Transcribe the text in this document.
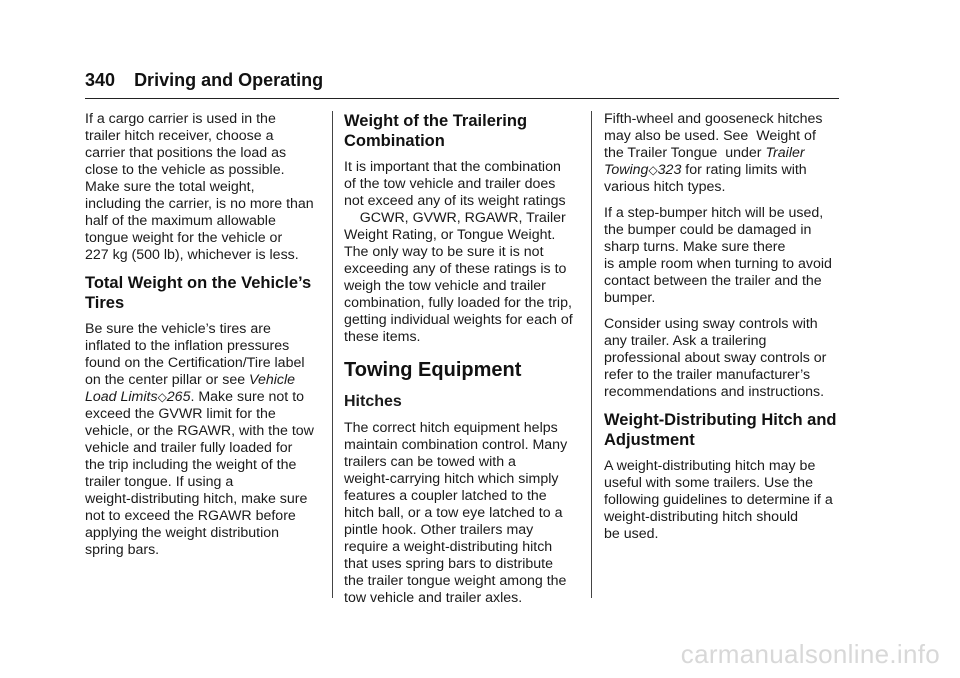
340 Driving and Operating

If a cargo carrier is used in the
trailer hitch receiver, choose a
carrier that positions the load as
close to the vehicle as possible.
Make sure the total weight,
including the carrier, is no more than
half of the maximum allowable
tongue weight for the vehicle or
227 kg (500 lb), whichever is less.

Total Weight on the Vehicle’s
Tires

Be sure the vehicle’s tires are
inflated to the inflation pressures
found on the Certification/Tire label
on the center pillar or see Vehicle
Load Limits◇265. Make sure not to
exceed the GVWR limit for the
vehicle, or the RGAWR, with the tow
vehicle and trailer fully loaded for
the trip including the weight of the
trailer tongue. If using a
weight-distributing hitch, make sure
not to exceed the RGAWR before
applying the weight distribution
spring bars.

Weight of the Trailering
Combination

It is important that the combination
of the tow vehicle and trailer does
not exceed any of its weight ratings
GCWR, GVWR, RGAWR, Trailer
Weight Rating, or Tongue Weight.
The only way to be sure it is not
exceeding any of these ratings is to
weigh the tow vehicle and trailer
combination, fully loaded for the trip,
getting individual weights for each of
these items.

Towing Equipment
Hitches

The correct hitch equipment helps
maintain combination control. Many
trailers can be towed with a
weight-carrying hitch which simply
features a coupler latched to the
hitch ball, or a tow eye latched to a
pintle hook. Other trailers may
require a weight-distributing hitch
that uses spring bars to distribute
the trailer tongue weight among the
tow vehicle and trailer axles.

Fifth-wheel and gooseneck hitches
may also be used. See  Weight of
the Trailer Tongue  under Trailer
Towing◇323 for rating limits with
various hitch types.

If a step-bumper hitch will be used,
the bumper could be damaged in
sharp turns. Make sure there
is ample room when turning to avoid
contact between the trailer and the
bumper.

Consider using sway controls with
any trailer. Ask a trailering
professional about sway controls or
refer to the trailer manufacturer’s
recommendations and instructions.

Weight-Distributing Hitch and
Adjustment

A weight-distributing hitch may be
useful with some trailers. Use the
following guidelines to determine if a
weight-distributing hitch should
be used.

carmanualsonline.info
